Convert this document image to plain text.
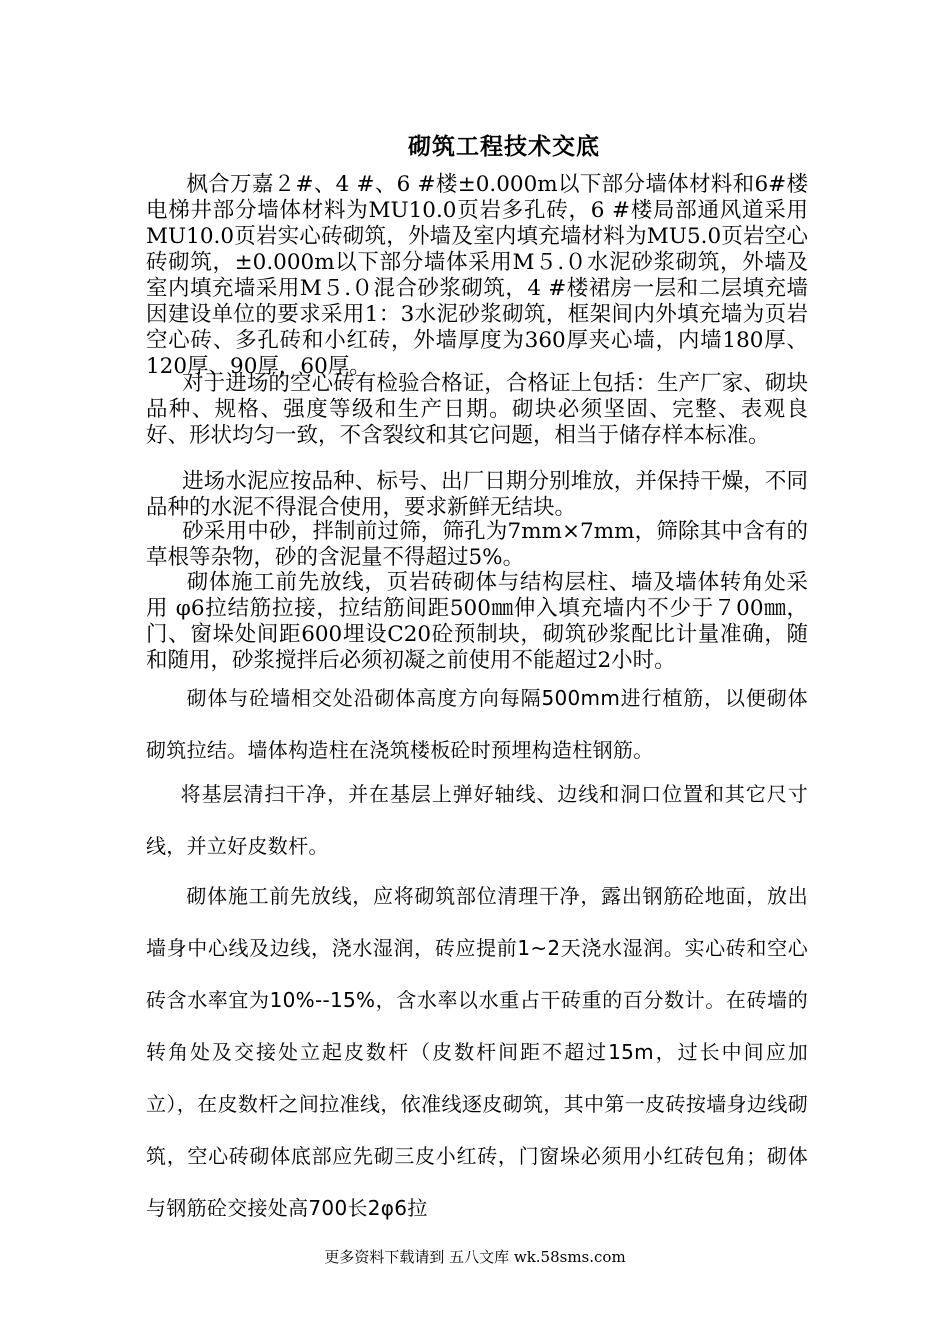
砌筑工程技术交底
枫合万嘉２#、4 #、6 #楼±0.000m以下部分墙体材料和6#楼电梯井部分墙体材料为MU10.0页岩多孔砖，6 #楼局部通风道采用MU10.0页岩实心砖砌筑，外墙及室内填充墙材料为MU5.0页岩空心砖砌筑，±0.000m以下部分墙体采用M５.０水泥砂浆砌筑，外墙及室内填充墙采用M５.０混合砂浆砌筑，4 #楼裙房一层和二层填充墙因建设单位的要求采用1：3水泥砂浆砌筑，框架间内外填充墙为页岩空心砖、多孔砖和小红砖，外墙厚度为360厚夹心墙，内墙180厚、120厚、90厚，60厚。
对于进场的空心砖有检验合格证，合格证上包括：生产厂家、砌块品种、规格、强度等级和生产日期。砌块必须坚固、完整、表观良好、形状均匀一致，不含裂纹和其它问题，相当于储存样本标准。
进场水泥应按品种、标号、出厂日期分别堆放，并保持干燥，不同品种的水泥不得混合使用，要求新鲜无结块。
砂采用中砂，拌制前过筛，筛孔为7mm×7mm，筛除其中含有的草根等杂物，砂的含泥量不得超过5%。
砌体施工前先放线，页岩砖砌体与结构层柱、墙及墙体转角处采用 φ6拉结筋拉接，拉结筋间距500㎜伸入填充墙内不少于７00㎜，门、窗垛处间距600埋设C20砼预制块，砌筑砂浆配比计量准确，随和随用，砂浆搅拌后必须初凝之前使用不能超过2小时。
砌体与砼墙相交处沿砌体高度方向每隔500mm进行植筋，以便砌体砌筑拉结。墙体构造柱在浇筑楼板砼时预埋构造柱钢筋。
将基层清扫干净，并在基层上弹好轴线、边线和洞口位置和其它尺寸线，并立好皮数杆。
砌体施工前先放线，应将砌筑部位清理干净，露出钢筋砼地面，放出墙身中心线及边线，浇水湿润，砖应提前1~2天浇水湿润。实心砖和空心砖含水率宜为10%--15%，含水率以水重占干砖重的百分数计。在砖墙的转角处及交接处立起皮数杆（皮数杆间距不超过15m，过长中间应加立），在皮数杆之间拉准线，依准线逐皮砌筑，其中第一皮砖按墙身边线砌筑，空心砖砌体底部应先砌三皮小红砖，门窗垛必须用小红砖包角；砌体与钢筋砼交接处高700长2φ6拉
更多资料下载请到 五八文库 wk.58sms.com
